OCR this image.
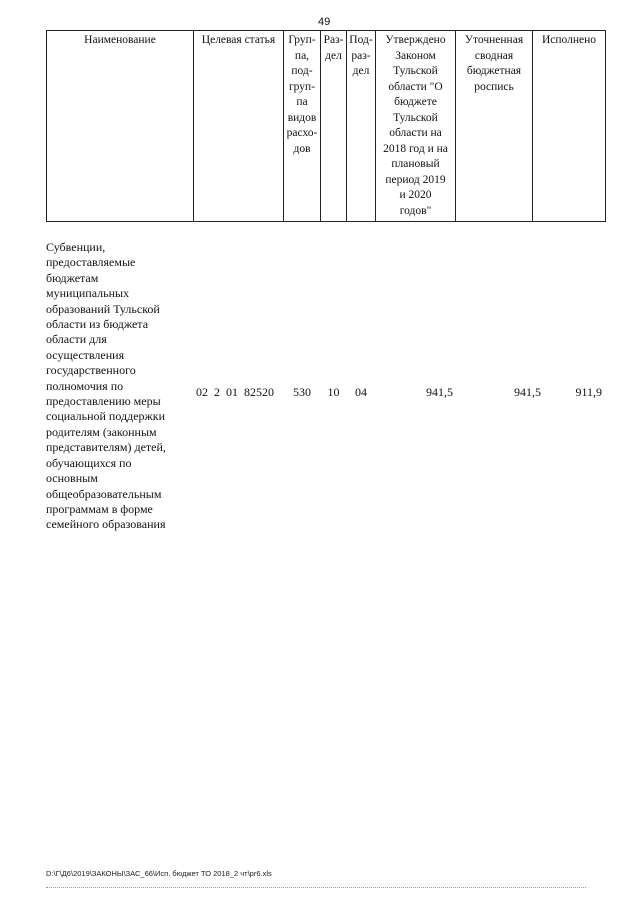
49
Наименование	Целевая статья	Груп-
па,
под-
груп-
па
видов
расхо-
дов	Раз-
дел	Под-
раз-
дел	Утверждено
Законом
Тульской
области "О
бюджете
Тульской
области на
2018 год и на
плановый
период 2019
и 2020
годов"	Уточненная
сводная
бюджетная
роспись	Исполнено
Субвенции,
предоставляемые
бюджетам
муниципальных
образований Тульской
области из бюджета
области для
осуществления
государственного
полномочия по
предоставлению меры
социальной поддержки
родителям (законным
представителям) детей,
обучающихся по
основным
общеобразовательным
программам в форме
семейного образования
02 2 01 82520	530	10	04	941,5	941,5	911,9
D:\Г\Д6\2019\ЗАКОНЫ\ЗАС_66\Исп. бюджет ТО 2018_2 чт\pr6.xls
